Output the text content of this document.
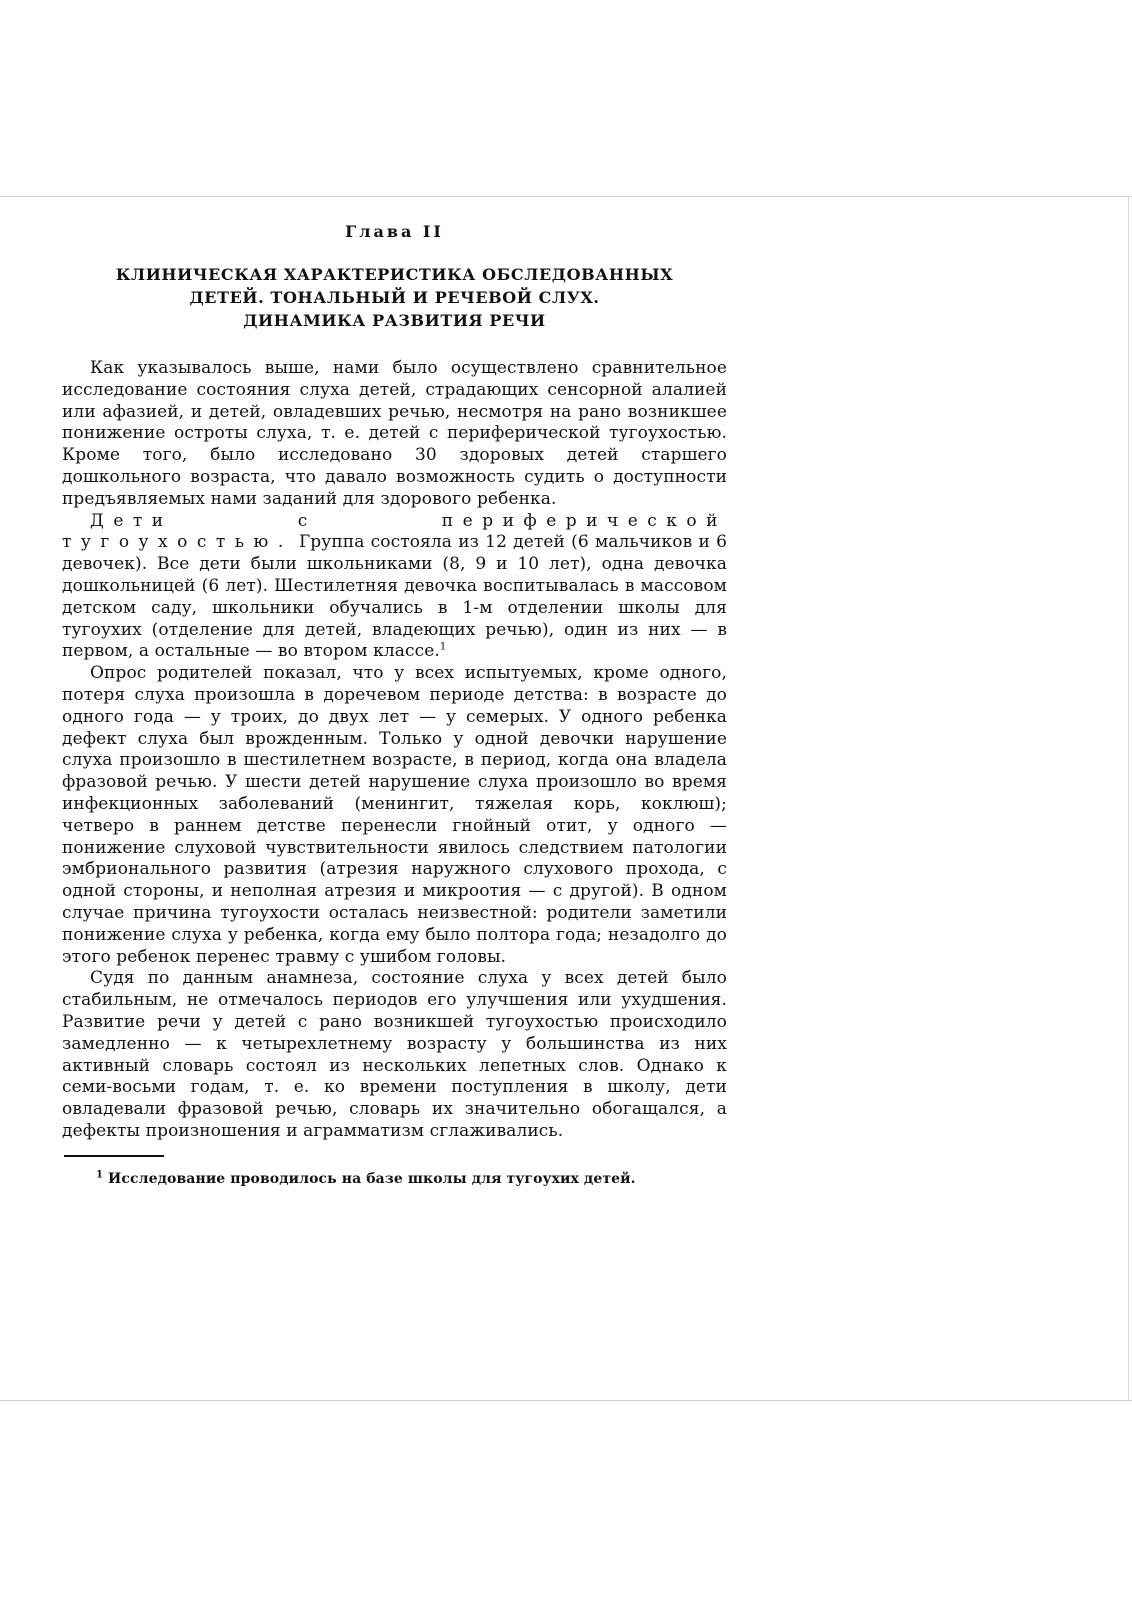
Глава II
КЛИНИЧЕСКАЯ ХАРАКТЕРИСТИКА ОБСЛЕДОВАННЫХ
ДЕТЕЙ. ТОНАЛЬНЫЙ И РЕЧЕВОЙ СЛУХ.
ДИНАМИКА РАЗВИТИЯ РЕЧИ

Как указывалось выше, нами было осуществлено сравнительное исследование состояния слуха детей, страдающих сенсорной алалией или афазией, и детей, овладевших речью, несмотря на рано возникшее понижение остроты слуха, т. е. детей с периферической тугоухостью. Кроме того, было исследовано 30 здоровых детей старшего дошкольного возраста, что давало возможность судить о доступности предъявляемых нами заданий для здорового ребенка.

Дети с периферической тугоухостью. Группа состояла из 12 детей (6 мальчиков и 6 девочек). Все дети были школьниками (8, 9 и 10 лет), одна девочка дошкольницей (6 лет). Шестилетняя девочка воспитывалась в массовом детском саду, школьники обучались в 1-м отделении школы для тугоухих (отделение для детей, владеющих речью), один из них — в первом, а остальные — во втором классе.$^1$

Опрос родителей показал, что у всех испытуемых, кроме одного, потеря слуха произошла в доречевом периоде детства: в возрасте до одного года — у троих, до двух лет — у семерых. У одного ребенка дефект слуха был врожденным. Только у одной девочки нарушение слуха произошло в шестилетнем возрасте, в период, когда она владела фразовой речью. У шести детей нарушение слуха произошло во время инфекционных заболеваний (менингит, тяжелая корь, коклюш); четверо в раннем детстве перенесли гнойный отит, у одного — понижение слуховой чувствительности явилось следствием патологии эмбрионального развития (атрезия наружного слухового прохода, с одной стороны, и неполная атрезия и микроотия — с другой). В одном случае причина тугоухости осталась неизвестной: родители заметили понижение слуха у ребенка, когда ему было полтора года; незадолго до этого ребенок перенес травму с ушибом головы.

Судя по данным анамнеза, состояние слуха у всех детей было стабильным, не отмечалось периодов его улучшения или ухудшения. Развитие речи у детей с рано возникшей тугоухостью происходило замедленно — к четырехлетнему возрасту у большинства из них активный словарь состоял из нескольких лепетных слов. Однако к семи-восьми годам, т. е. ко времени поступления в школу, дети овладевали фразовой речью, словарь их значительно обогащался, а дефекты произношения и аграмматизм сглаживались.

$^1$ Исследование проводилось на базе школы для тугоухих детей.
